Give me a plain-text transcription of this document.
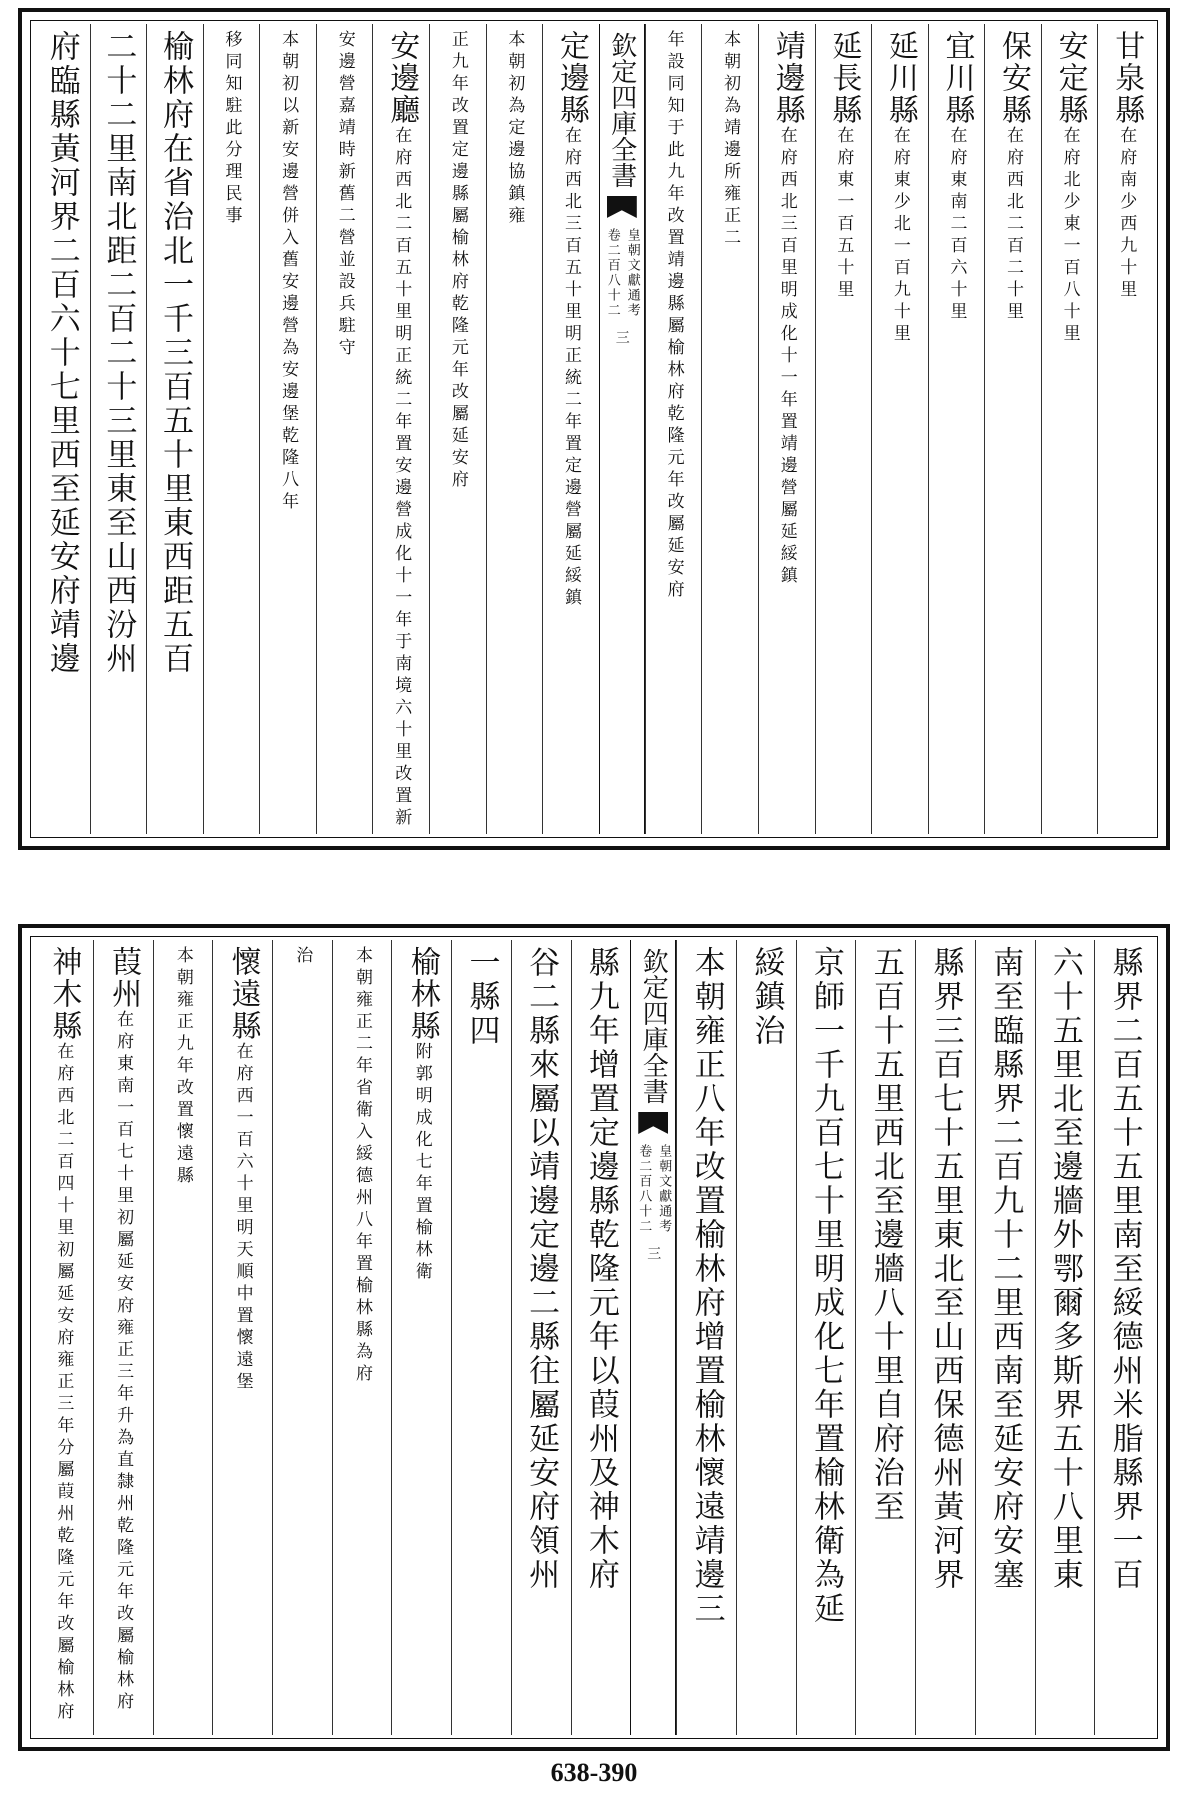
甘泉縣在府南少西九十里
安定縣在府北少東一百八十里
保安縣在府西北二百二十里
宜川縣在府東南二百六十里
延川縣在府東少北一百九十里
延長縣在府東一百五十里
靖邊縣在府西北三百里明成化十一年置靖邊營屬延綏鎮
本朝初為靖邊所雍正二
年設同知于此九年改置靖邊縣屬榆林府乾隆元年改屬延安府
欽定四庫全書
皇朝文獻通考
卷二百八十二
三
定邊縣在府西北三百五十里明正統二年置定邊營屬延綏鎮
本朝初為定邊協鎮雍
正九年改置定邊縣屬榆林府乾隆元年改屬延安府
安邊廳在府西北二百五十里明正統二年置安邊營成化十一年于南境六十里改置新
安邊營嘉靖時新舊二營並設兵駐守
本朝初以新安邊營併入舊安邊營為安邊堡乾隆八年
移同知駐此分理民事
榆林府在省治北一千三百五十里東西距五百
二十二里南北距二百二十三里東至山西汾州
府臨縣黃河界二百六十七里西至延安府靖邊
縣界二百五十五里南至綏德州米脂縣界一百
六十五里北至邊牆外鄂爾多斯界五十八里東
南至臨縣界二百九十二里西南至延安府安塞
縣界三百七十五里東北至山西保德州黃河界
五百十五里西北至邊牆八十里自府治至
京師一千九百七十里明成化七年置榆林衛為延
綏鎮治
本朝雍正八年改置榆林府增置榆林懷遠靖邊三
欽定四庫全書
皇朝文獻通考
卷二百八十二
三
縣九年增置定邊縣乾隆元年以葭州及神木府
谷二縣來屬以靖邊定邊二縣往屬延安府領州
一縣四
榆林縣附郭明成化七年置榆林衛
本朝雍正二年省衛入綏德州八年置榆林縣為府
治
懷遠縣在府西一百六十里明天順中置懷遠堡
本朝雍正九年改置懷遠縣
葭州在府東南一百七十里初屬延安府雍正三年升為直隸州乾隆元年改屬榆林府
神木縣在府西北二百四十里初屬延安府雍正三年分屬葭州乾隆元年改屬榆林府
638-390
